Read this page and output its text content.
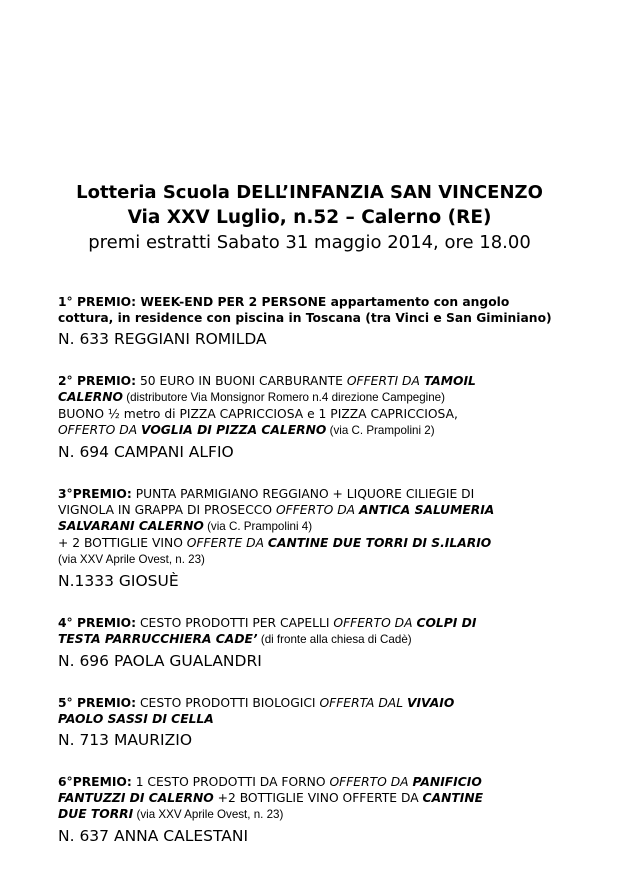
Lotteria Scuola DELL’INFANZIA SAN VINCENZO

Via XXV Luglio, n.52 – Calerno (RE)

premi estratti Sabato 31 maggio 2014, ore 18.00

1° PREMIO: WEEK-END PER 2 PERSONE appartamento con angolo

cottura, in residence con piscina in Toscana (tra Vinci e San Giminiano)

N. 633 REGGIANI ROMILDA

2° PREMIO: 50 EURO IN BUONI CARBURANTE OFFERTI DA TAMOIL

CALERNO (distributore Via Monsignor Romero n.4 direzione Campegine)

BUONO ½ metro di PIZZA CAPRICCIOSA e 1 PIZZA CAPRICCIOSA,

OFFERTO DA VOGLIA DI PIZZA CALERNO (via C. Prampolini 2)

N. 694 CAMPANI ALFIO

3°PREMIO: PUNTA PARMIGIANO REGGIANO + LIQUORE CILIEGIE DI

VIGNOLA IN GRAPPA DI PROSECCO OFFERTO DA ANTICA SALUMERIA

SALVARANI CALERNO (via C. Prampolini 4)

+ 2 BOTTIGLIE VINO OFFERTE DA CANTINE DUE TORRI DI S.ILARIO

(via XXV Aprile Ovest, n. 23)

N.1333 GIOSUÈ

4° PREMIO: CESTO PRODOTTI PER CAPELLI OFFERTO DA COLPI DI

TESTA PARRUCCHIERA CADE’ (di fronte alla chiesa di Cadè)

N. 696 PAOLA GUALANDRI

5° PREMIO: CESTO PRODOTTI BIOLOGICI OFFERTA DAL VIVAIO

PAOLO SASSI DI CELLA

N. 713 MAURIZIO

6°PREMIO: 1 CESTO PRODOTTI DA FORNO OFFERTO DA PANIFICIO

FANTUZZI DI CALERNO +2 BOTTIGLIE VINO OFFERTE DA CANTINE

DUE TORRI (via XXV Aprile Ovest, n. 23)

N. 637 ANNA CALESTANI
